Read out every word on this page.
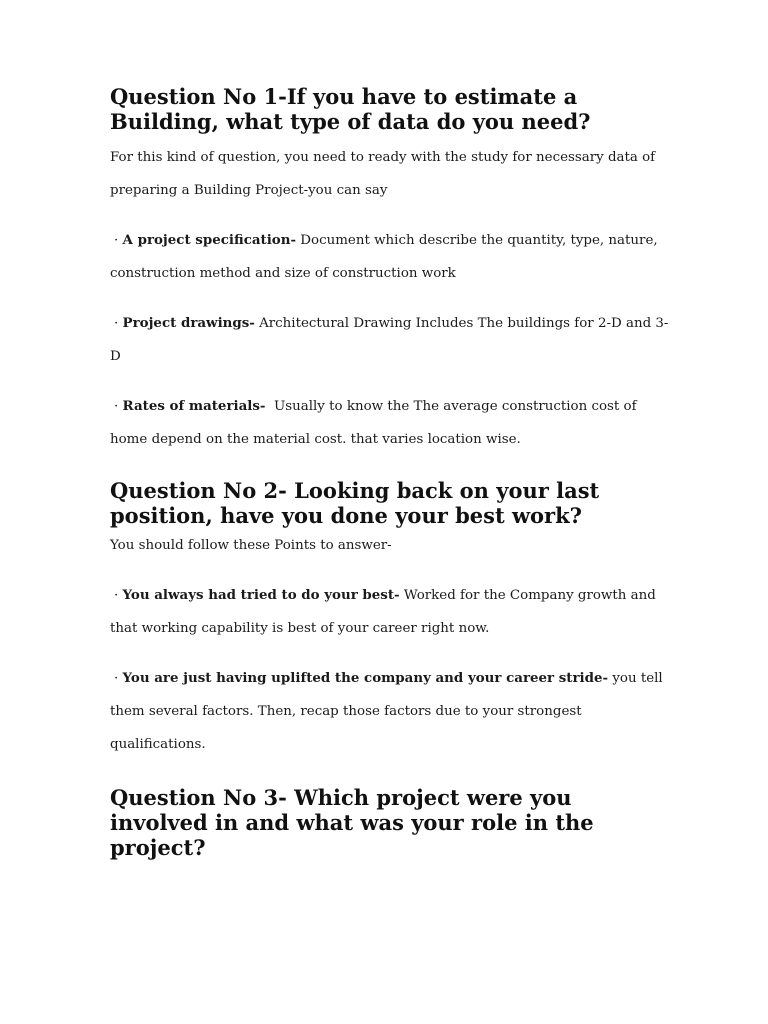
Question No 1-If you have to estimate a Building, what type of data do you need?

For this kind of question, you need to ready with the study for necessary data of preparing a Building Project-you can say

· A project specification- Document which describe the quantity, type, nature, construction method and size of construction work

· Project drawings- Architectural Drawing Includes The buildings for 2-D and 3-D

· Rates of materials-  Usually to know the The average construction cost of home depend on the material cost. that varies location wise.

Question No 2- Looking back on your last position, have you done your best work?

You should follow these Points to answer-

· You always had tried to do your best- Worked for the Company growth and that working capability is best of your career right now.

· You are just having uplifted the company and your career stride- you tell them several factors. Then, recap those factors due to your strongest qualifications.

Question No 3- Which project were you involved in and what was your role in the project?
